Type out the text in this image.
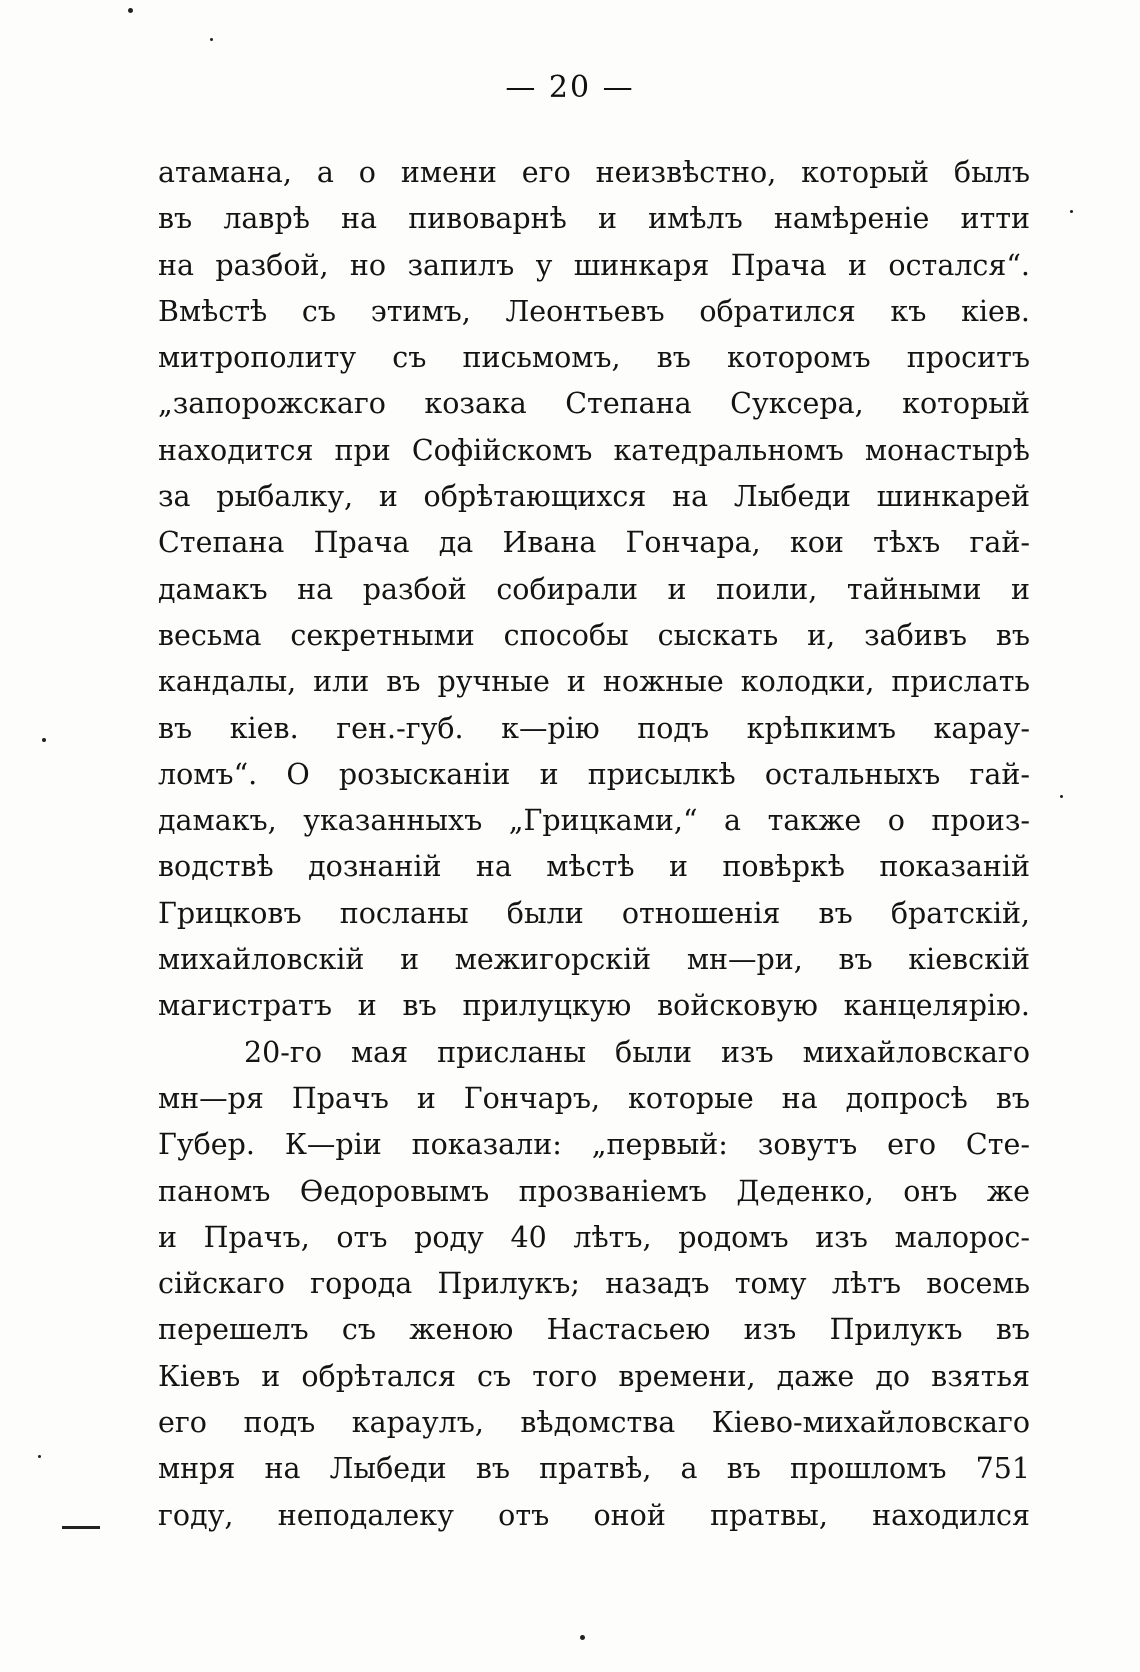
— 20 —
атамана, а о имени его неизвѣстно, который былъ
въ лаврѣ на пивоварнѣ и имѣлъ намѣреніе итти
на разбой, но запилъ у шинкаря Прача и остался“.
Вмѣстѣ съ этимъ, Леонтьевъ обратился къ кіев.
митрополиту съ письмомъ, въ которомъ проситъ
„запорожскаго козака Степана Суксера, который
находится при Софійскомъ катедральномъ монастырѣ
за рыбалку, и обрѣтающихся на Лыбеди шинкарей
Степана Прача да Ивана Гончара, кои тѣхъ гай-
дамакъ на разбой собирали и поили, тайными и
весьма секретными способы сыскать и, забивъ въ
кандалы, или въ ручные и ножные колодки, прислать
въ кіев. ген.-губ. к—рію подъ крѣпкимъ карау-
ломъ“. О розысканіи и присылкѣ остальныхъ гай-
дамакъ, указанныхъ „Грицками,“ а также о произ-
водствѣ дознаній на мѣстѣ и повѣркѣ показаній
Грицковъ посланы были отношенія въ братскій,
михайловскій и межигорскій мн—ри, въ кіевскій
магистратъ и въ прилуцкую войсковую канцелярію.
20-го мая присланы были изъ михайловскаго
мн—ря Прачъ и Гончаръ, которые на допросѣ въ
Губер. К—ріи показали: „первый: зовутъ его Сте-
паномъ Өедоровымъ прозваніемъ Деденко, онъ же
и Прачъ, отъ роду 40 лѣтъ, родомъ изъ малорос-
сійскаго города Прилукъ; назадъ тому лѣтъ восемь
перешелъ съ женою Настасьею изъ Прилукъ въ
Кіевъ и обрѣтался съ того времени, даже до взятья
его подъ караулъ, вѣдомства Кіево-михайловскаго
мнря на Лыбеди въ пратвѣ, а въ прошломъ 751
году, неподалеку отъ оной пратвы, находился
